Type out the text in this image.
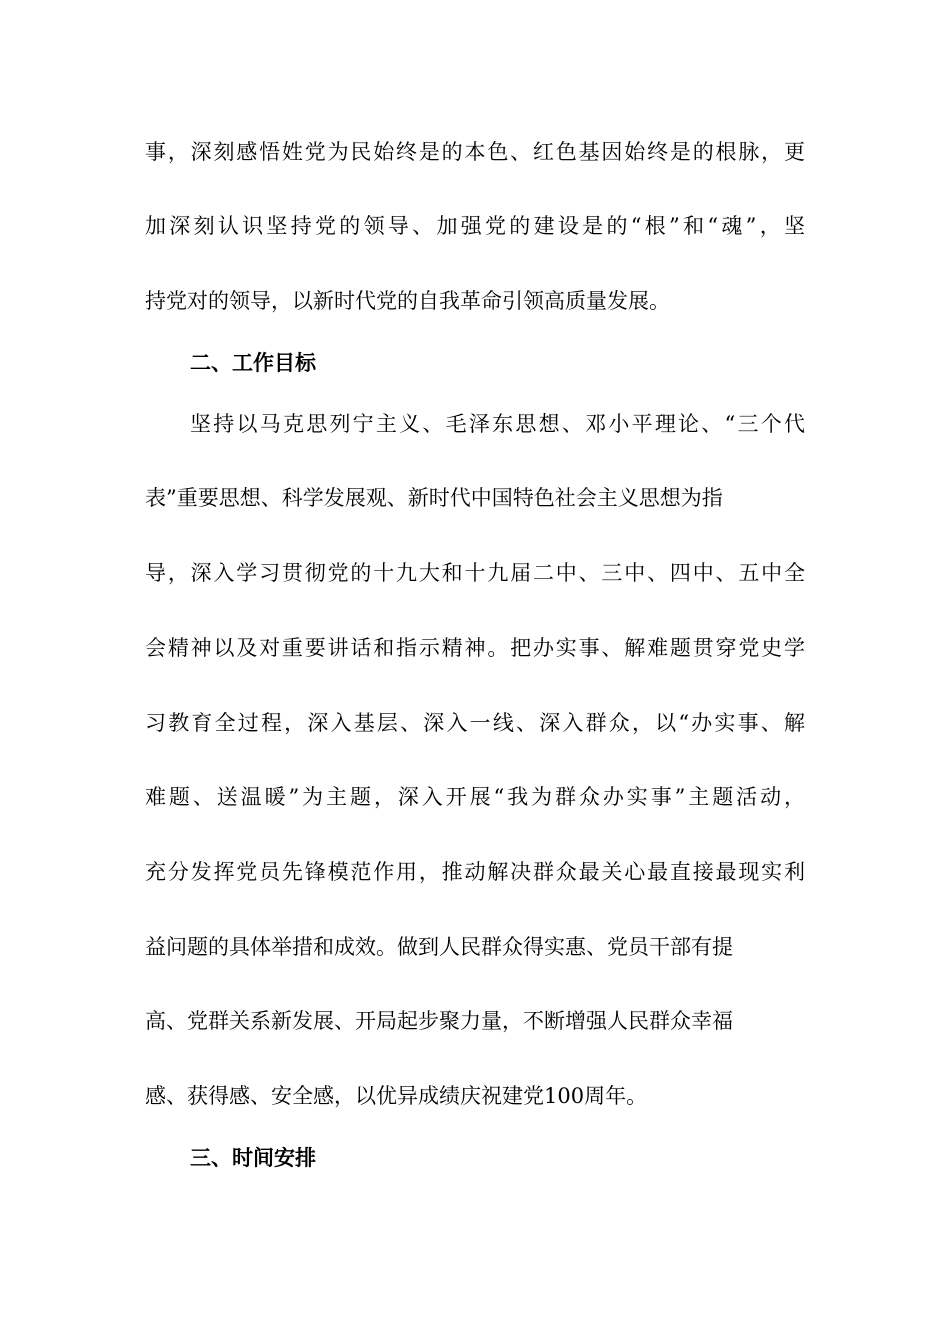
事，深刻感悟姓党为民始终是的本色、红色基因始终是的根脉，更
加深刻认识坚持党的领导、加强党的建设是的“根”和“魂”，坚
持党对的领导，以新时代党的自我革命引领高质量发展。
二、工作目标
坚持以马克思列宁主义、毛泽东思想、邓小平理论、“三个代
表”重要思想、科学发展观、新时代中国特色社会主义思想为指
导，深入学习贯彻党的十九大和十九届二中、三中、四中、五中全
会精神以及对重要讲话和指示精神。把办实事、解难题贯穿党史学
习教育全过程，深入基层、深入一线、深入群众，以“办实事、解
难题、送温暖”为主题，深入开展“我为群众办实事”主题活动，
充分发挥党员先锋模范作用，推动解决群众最关心最直接最现实利
益问题的具体举措和成效。做到人民群众得实惠、党员干部有提
高、党群关系新发展、开局起步聚力量，不断增强人民群众幸福
感、获得感、安全感，以优异成绩庆祝建党100周年。
三、时间安排
